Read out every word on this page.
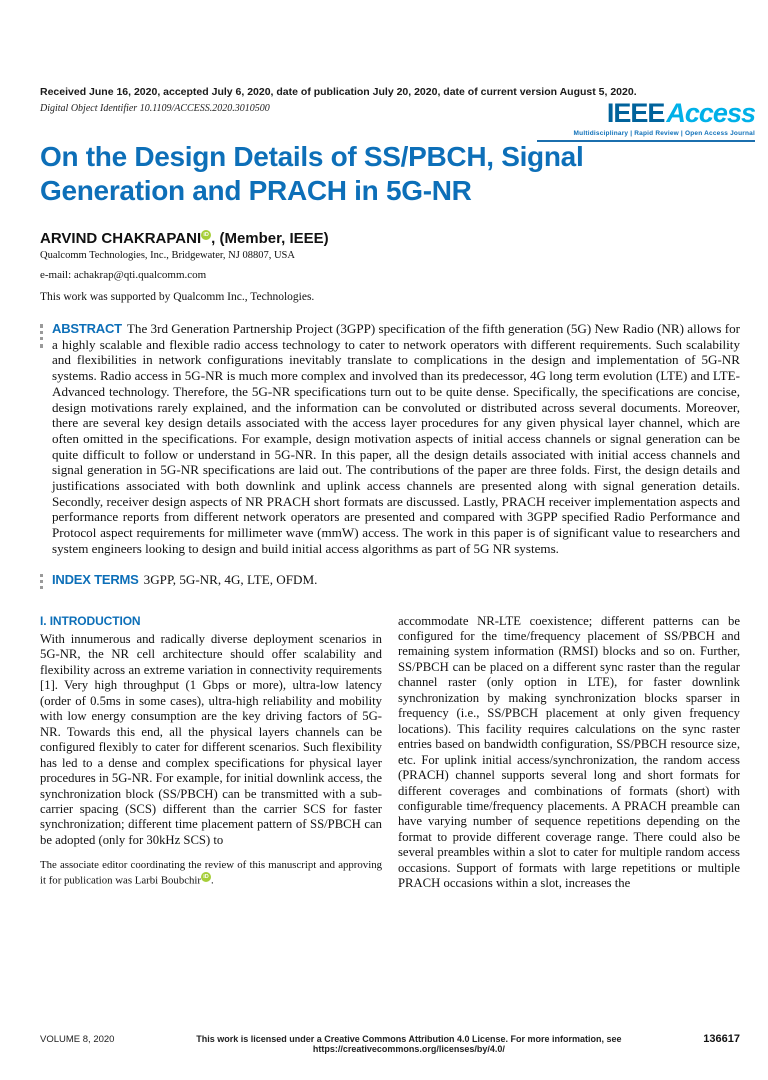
IEEEAccess
Multidisciplinary | Rapid Review | Open Access Journal
Received June 16, 2020, accepted July 6, 2020, date of publication July 20, 2020, date of current version August 5, 2020.
Digital Object Identifier 10.1109/ACCESS.2020.3010500
On the Design Details of SS/PBCH, Signal Generation and PRACH in 5G-NR
ARVIND CHAKRAPANI iD , (Member, IEEE)
Qualcomm Technologies, Inc., Bridgewater, NJ 08807, USA
e-mail: achakrap@qti.qualcomm.com
This work was supported by Qualcomm Inc., Technologies.
ABSTRACT The 3rd Generation Partnership Project (3GPP) specification of the fifth generation (5G) New Radio (NR) allows for a highly scalable and flexible radio access technology to cater to network operators with different requirements. Such scalability and flexibilities in network configurations inevitably translate to complications in the design and implementation of 5G-NR systems. Radio access in 5G-NR is much more complex and involved than its predecessor, 4G long term evolution (LTE) and LTE-Advanced technology. Therefore, the 5G-NR specifications turn out to be quite dense. Specifically, the specifications are concise, design motivations rarely explained, and the information can be convoluted or distributed across several documents. Moreover, there are several key design details associated with the access layer procedures for any given physical layer channel, which are often omitted in the specifications. For example, design motivation aspects of initial access channels or signal generation can be quite difficult to follow or understand in 5G-NR. In this paper, all the design details associated with initial access channels and signal generation in 5G-NR specifications are laid out. The contributions of the paper are three folds. First, the design details and justifications associated with both downlink and uplink access channels are presented along with signal generation details. Secondly, receiver design aspects of NR PRACH short formats are discussed. Lastly, PRACH receiver implementation aspects and performance reports from different network operators are presented and compared with 3GPP specified Radio Performance and Protocol aspect requirements for millimeter wave (mmW) access. The work in this paper is of significant value to researchers and system engineers looking to design and build initial access algorithms as part of 5G NR systems.
INDEX TERMS 3GPP, 5G-NR, 4G, LTE, OFDM.
I. INTRODUCTION
With innumerous and radically diverse deployment scenarios in 5G-NR, the NR cell architecture should offer scalability and flexibility across an extreme variation in connectivity requirements [1]. Very high throughput (1 Gbps or more), ultra-low latency (order of 0.5ms in some cases), ultra-high reliability and mobility with low energy consumption are the key driving factors of 5G-NR. Towards this end, all the physical layers channels can be configured flexibly to cater for different scenarios. Such flexibility has led to a dense and complex specifications for physical layer procedures in 5G-NR. For example, for initial downlink access, the synchronization block (SS/PBCH) can be transmitted with a sub-carrier spacing (SCS) different than the carrier SCS for faster synchronization; different time placement pattern of SS/PBCH can be adopted (only for 30kHz SCS) to
The associate editor coordinating the review of this manuscript and approving it for publication was Larbi Boubchir iD .
accommodate NR-LTE coexistence; different patterns can be configured for the time/frequency placement of SS/PBCH and remaining system information (RMSI) blocks and so on. Further, SS/PBCH can be placed on a different sync raster than the regular channel raster (only option in LTE), for faster downlink synchronization by making synchronization blocks sparser in frequency (i.e., SS/PBCH placement at only given frequency locations). This facility requires calculations on the sync raster entries based on bandwidth configuration, SS/PBCH resource size, etc. For uplink initial access/synchronization, the random access (PRACH) channel supports several long and short formats for different coverages and combinations of formats (short) with configurable time/frequency placements. A PRACH preamble can have varying number of sequence repetitions depending on the format to provide different coverage range. There could also be several preambles within a slot to cater for multiple random access occasions. Support of formats with large repetitions or multiple PRACH occasions within a slot, increases the
VOLUME 8, 2020	This work is licensed under a Creative Commons Attribution 4.0 License. For more information, see https://creativecommons.org/licenses/by/4.0/
136617
